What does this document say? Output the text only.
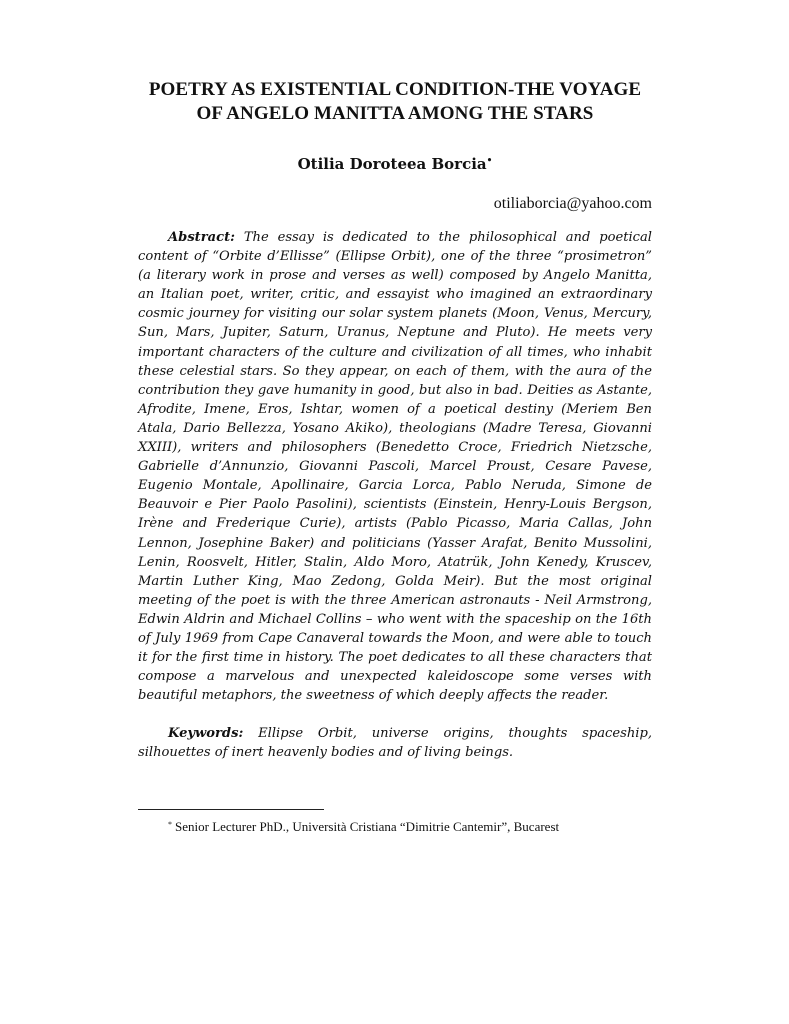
POETRY AS EXISTENTIAL CONDITION-THE VOYAGE
OF ANGELO MANITTA AMONG THE STARS
Otilia Doroteea Borcia•
otiliaborcia@yahoo.com

Abstract: The essay is dedicated to the philosophical and poetical content of “Orbite d’Ellisse” (Ellipse Orbit), one of the three “prosimetron” (a literary work in prose and verses as well) composed by Angelo Manitta, an Italian poet, writer, critic, and essayist who imagined an extraordinary cosmic journey for visiting our solar system planets (Moon, Venus, Mercury, Sun, Mars, Jupiter, Saturn, Uranus, Neptune and Pluto). He meets very important characters of the culture and civilization of all times, who inhabit these celestial stars. So they appear, on each of them, with the aura of the contribution they gave humanity in good, but also in bad. Deities as Astante, Afrodite, Imene, Eros, Ishtar, women of a poetical destiny (Meriem Ben Atala, Dario Bellezza, Yosano Akiko), theologians (Madre Teresa, Giovanni XXIII), writers and philosophers (Benedetto Croce, Friedrich Nietzsche, Gabrielle d’Annunzio, Giovanni Pascoli, Marcel Proust, Cesare Pavese, Eugenio Montale, Apollinaire, Garcia Lorca, Pablo Neruda, Simone de Beauvoir e Pier Paolo Pasolini), scientists (Einstein, Henry-Louis Bergson, Irène and Frederique Curie), artists (Pablo Picasso, Maria Callas, John Lennon, Josephine Baker) and politicians (Yasser Arafat, Benito Mussolini, Lenin, Roosvelt, Hitler, Stalin, Aldo Moro, Atatrük, John Kenedy, Kruscev, Martin Luther King, Mao Zedong, Golda Meir). But the most original meeting of the poet is with the three American astronauts - Neil Armstrong, Edwin Aldrin and Michael Collins – who went with the spaceship on the 16th of July 1969 from Cape Canaveral towards the Moon, and were able to touch it for the first time in history. The poet dedicates to all these characters that compose a marvelous and unexpected kaleidoscope some verses with beautiful metaphors, the sweetness of which deeply affects the reader.

Keywords: Ellipse Orbit, universe origins, thoughts spaceship, silhouettes of inert heavenly bodies and of living beings.

* Senior Lecturer PhD., Università Cristiana “Dimitrie Cantemir”, Bucarest
